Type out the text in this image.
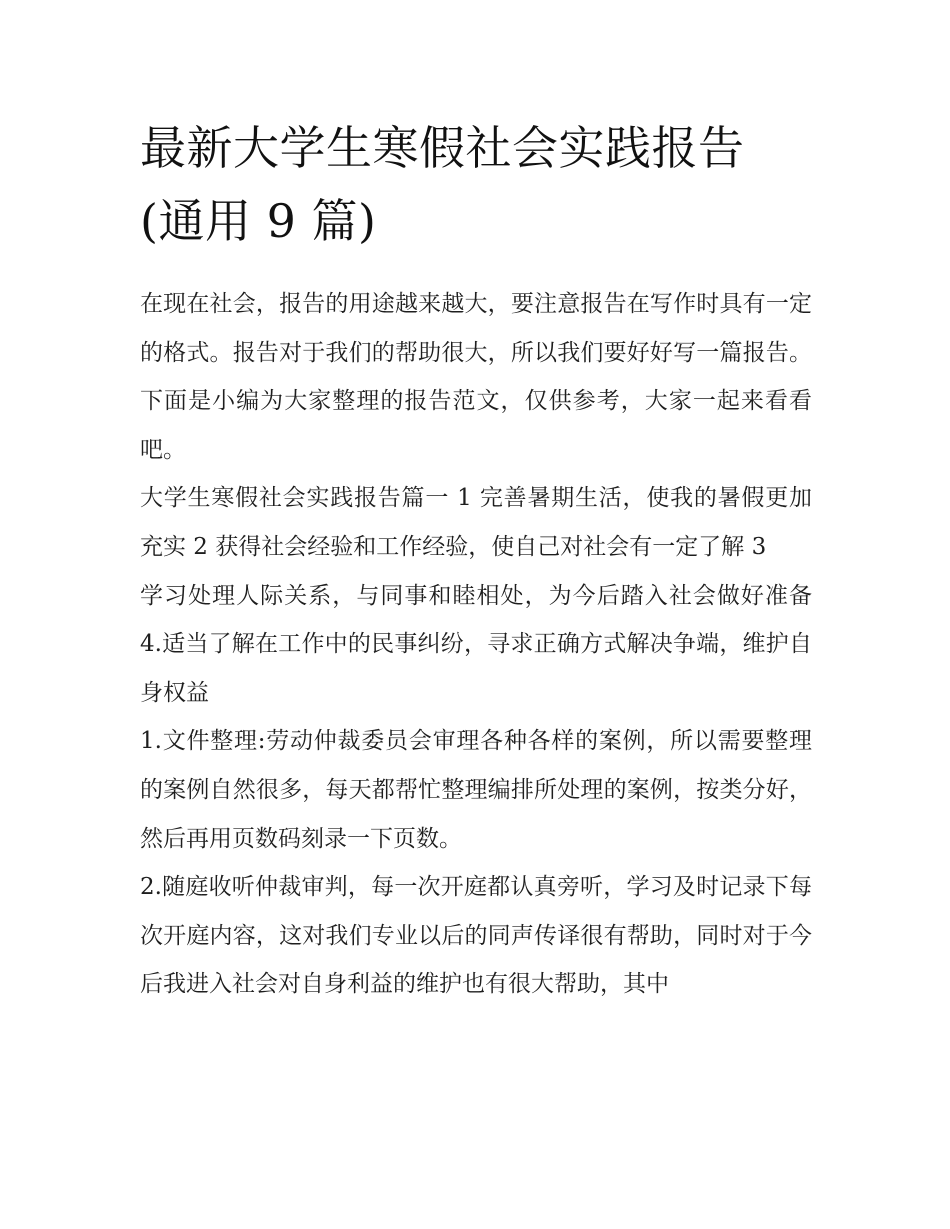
最新大学生寒假社会实践报告
(通用 9 篇)

在现在社会，报告的用途越来越大，要注意报告在写作时具有一定的格式。报告对于我们的帮助很大，所以我们要好好写一篇报告。下面是小编为大家整理的报告范文，仅供参考，大家一起来看看吧。

大学生寒假社会实践报告篇一 1 完善暑期生活，使我的暑假更加充实 2 获得社会经验和工作经验，使自己对社会有一定了解 3

学习处理人际关系，与同事和睦相处，为今后踏入社会做好准备 4.适当了解在工作中的民事纠纷，寻求正确方式解决争端，维护自身权益

1.文件整理:劳动仲裁委员会审理各种各样的案例，所以需要整理的案例自然很多，每天都帮忙整理编排所处理的案例，按类分好，然后再用页数码刻录一下页数。

2.随庭收听仲裁审判，每一次开庭都认真旁听，学习及时记录下每次开庭内容，这对我们专业以后的同声传译很有帮助，同时对于今后我进入社会对自身利益的维护也有很大帮助，其中
